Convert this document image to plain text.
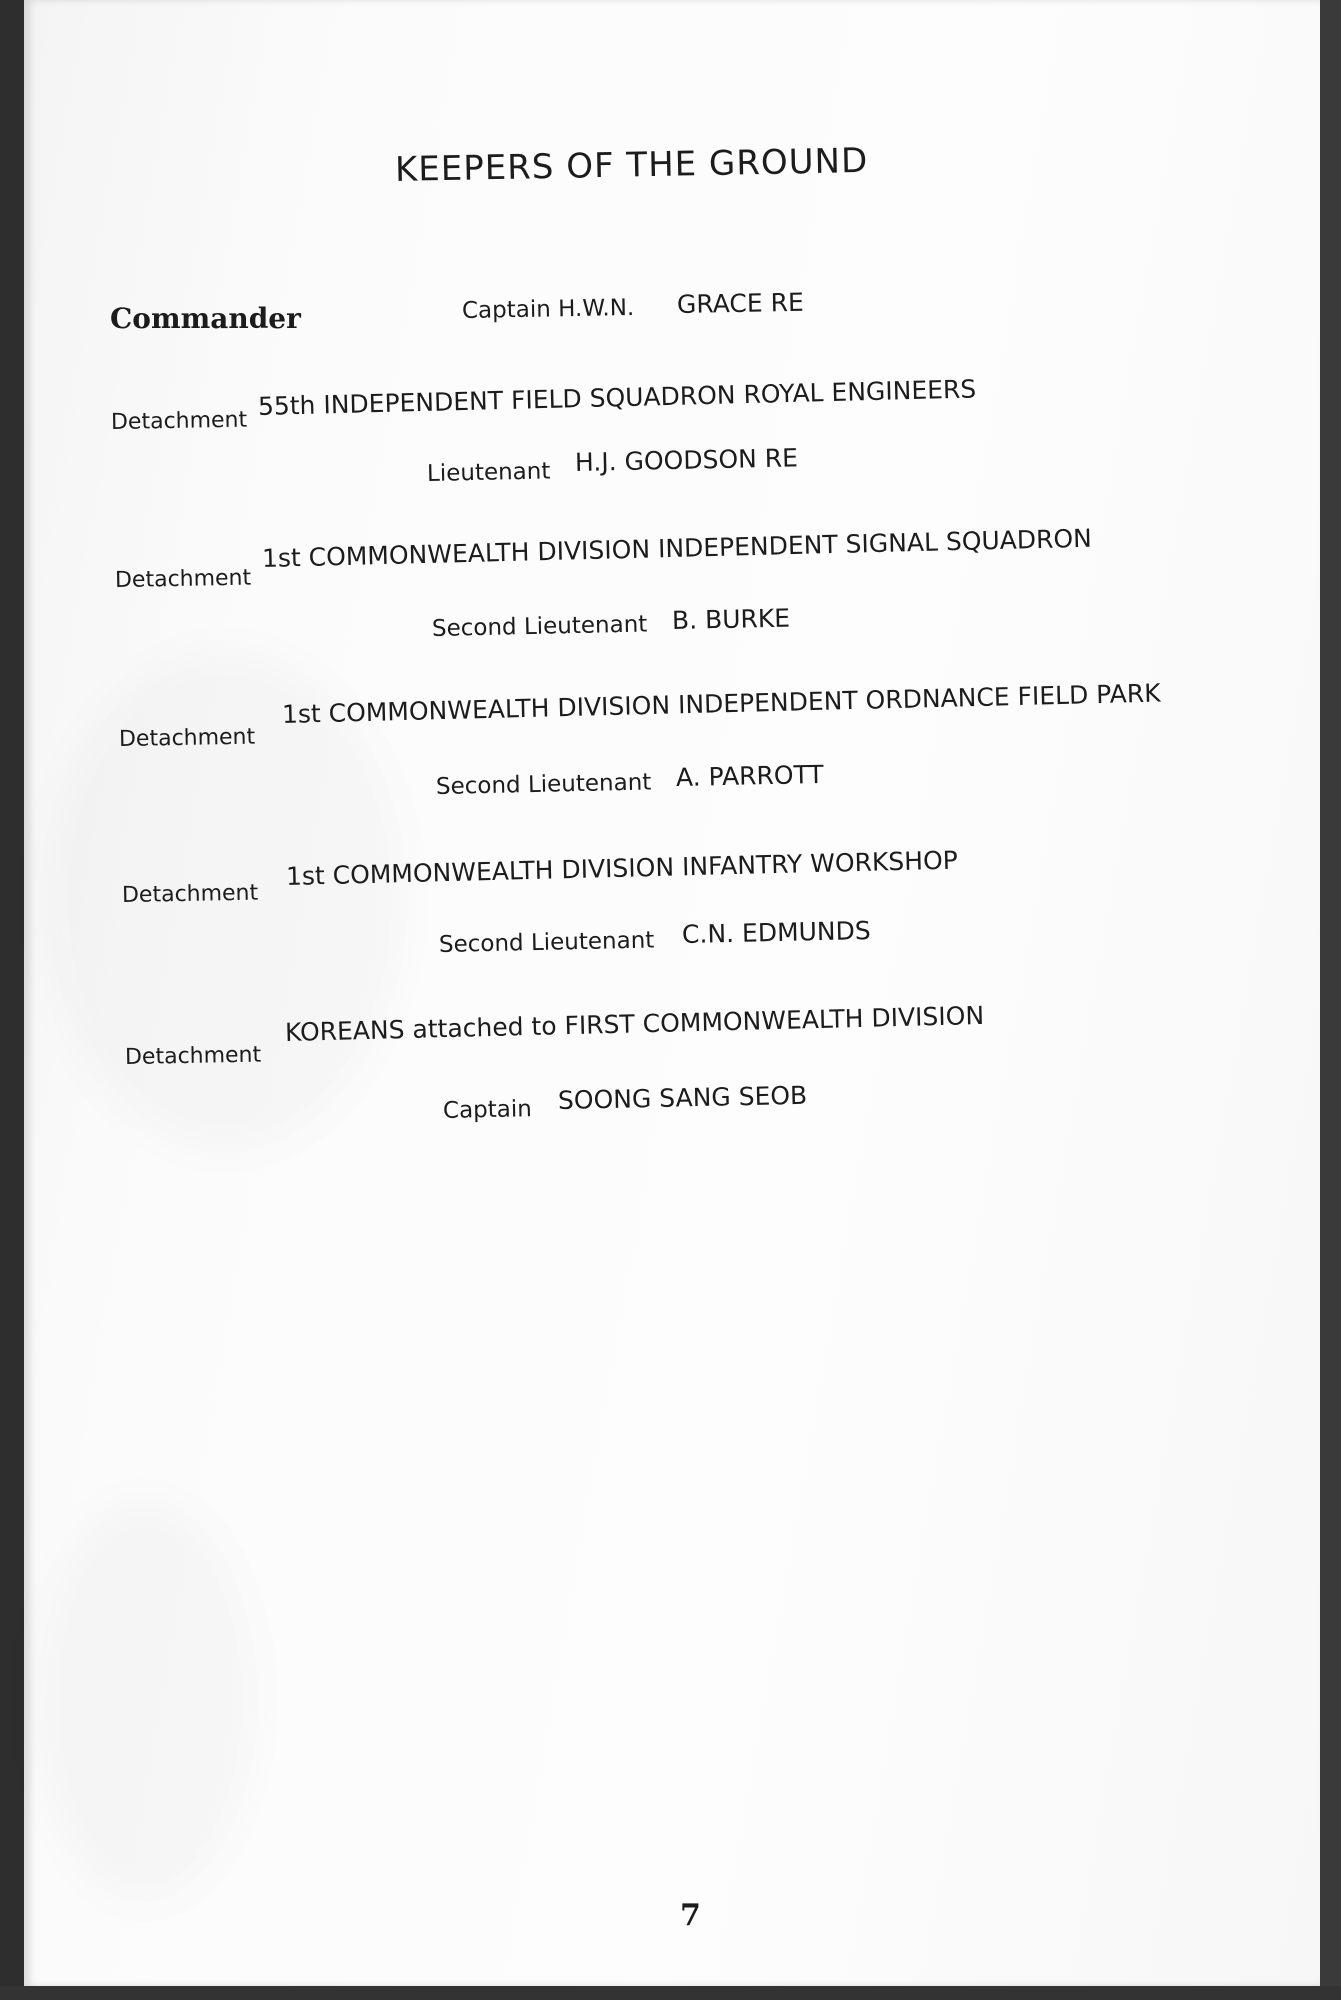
KEEPERS OF THE GROUND
Commander	Captain H.W.N. GRACE RE
Detachment
55th INDEPENDENT FIELD SQUADRON ROYAL ENGINEERS
Lieutenant H.J. GOODSON RE
Detachment
1st COMMONWEALTH DIVISION INDEPENDENT SIGNAL SQUADRON
Second Lieutenant B. BURKE
Detachment
1st COMMONWEALTH DIVISION INDEPENDENT ORDNANCE FIELD PARK
Second Lieutenant A. PARROTT
Detachment
1st COMMONWEALTH DIVISION INFANTRY WORKSHOP
Second Lieutenant C.N. EDMUNDS
Detachment
KOREANS attached to FIRST COMMONWEALTH DIVISION
Captain SOONG SANG SEOB
7
